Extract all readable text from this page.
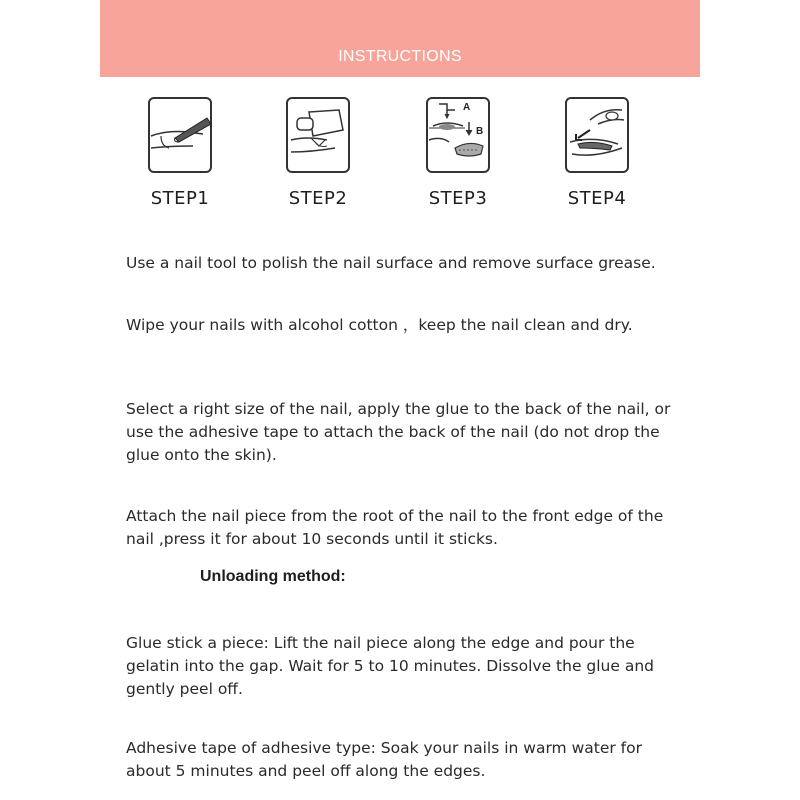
INSTRUCTIONS
STEP1	STEP2
A
B
STEP3	STEP4

Use a nail tool to polish the nail surface and remove surface grease.

Wipe your nails with alcohol cotton ，keep the nail clean and dry.

Select a right size of the nail, apply the glue to the back of the nail, or use the adhesive tape to attach the back of the nail (do not drop the glue onto the skin).

Attach the nail piece from the root of the nail to the front edge of the nail ,press it for about 10 seconds until it sticks.

Unloading method:

Glue stick a piece: Lift the nail piece along the edge and pour the gelatin into the gap. Wait for 5 to 10 minutes. Dissolve the glue and gently peel off.

Adhesive tape of adhesive type: Soak your nails in warm water for about 5 minutes and peel off along the edges.
